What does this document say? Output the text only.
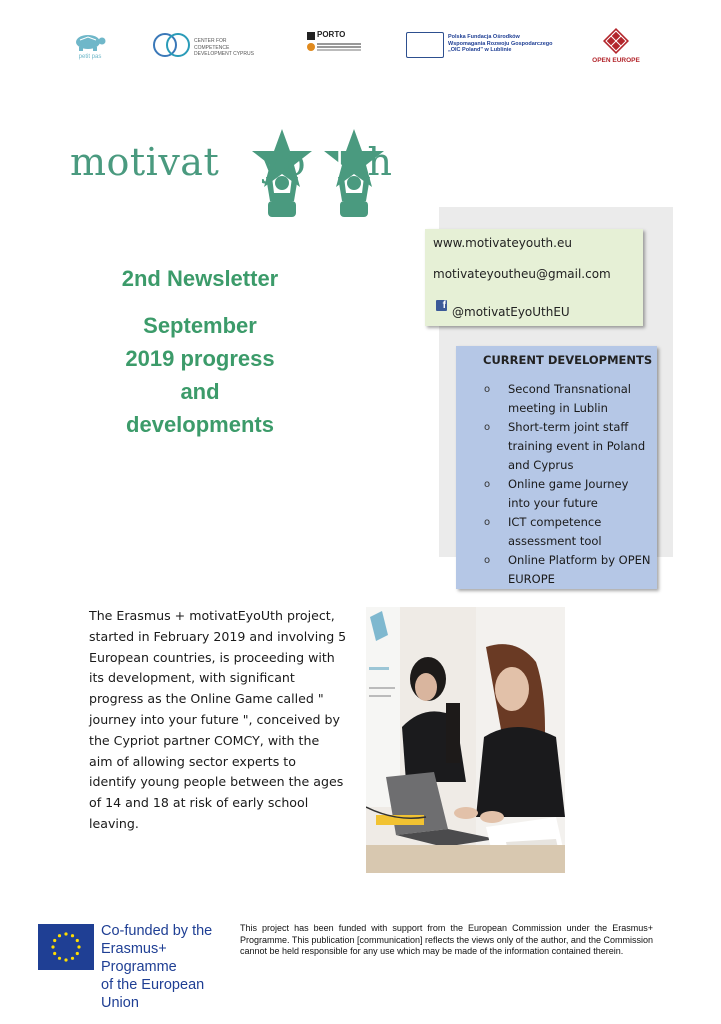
petit pas
CENTER FOR COMPETENCE
DEVELOPMENT CYPRUS
PORTO	Polska Fundacja Ośrodków
Wspomagania Rozwoju Gospodarczego
„OIC Poland" w Lublinie
OPEN EUROPE
motivat E yo U th
2nd Newsletter
September
2019 progress
and
developments
www.motivateyouth.eu
motivateyoutheu@gmail.com
f @motivatEyoUthEU
CURRENT DEVELOPMENTS
o	Second Transnational meeting in Lublin
o	Short-term joint staff training event in Poland and Cyprus
o	Online game Journey into your future
o	ICT competence assessment tool
o	Online Platform by OPEN EUROPE
The Erasmus + motivatEyoUth project,
started in February 2019 and involving 5
European countries, is proceeding with
its development, with significant
progress as the Online Game called "
journey into your future ", conceived by
the Cypriot partner COMCY, with the
aim of allowing sector experts to
identify young people between the ages
of 14 and 18 at risk of early school
leaving.
Co-funded by the
Erasmus+ Programme
of the European Union
This project has been funded with support from the European Commission under the Erasmus+ Programme. This publication [communication] reflects the views only of the author, and the Commission cannot be held responsible for any use which may be made of the information contained therein.
